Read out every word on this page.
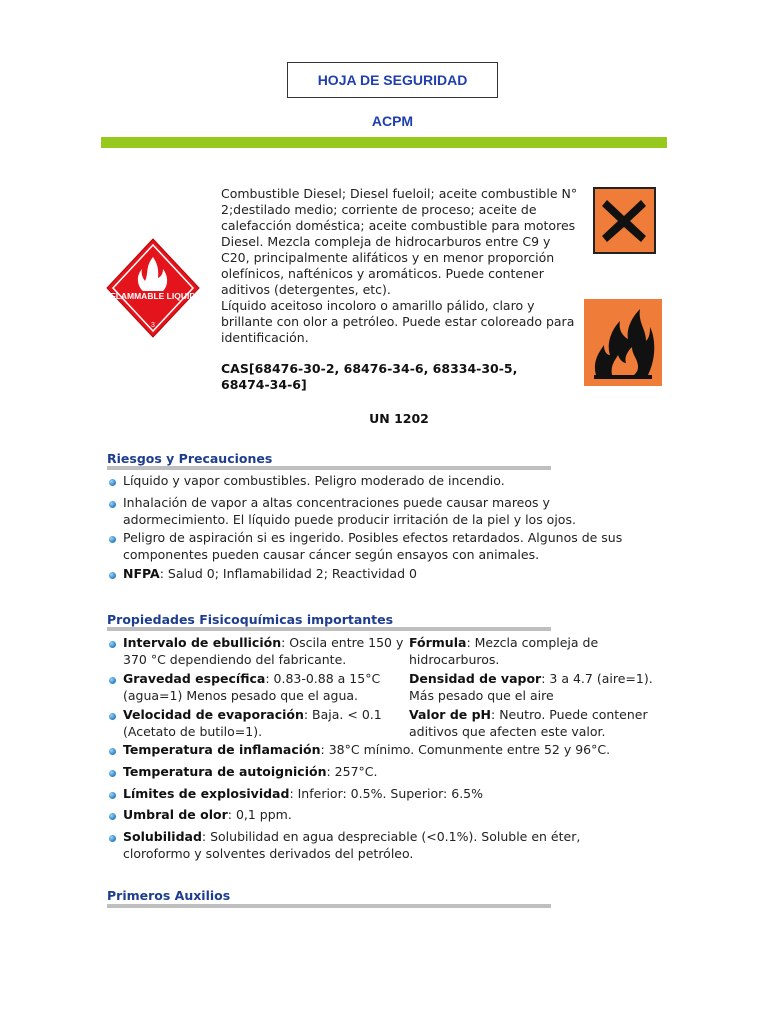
HOJA DE SEGURIDAD
ACPM
FLAMMABLE LIQUID
3

Combustible Diesel; Diesel fueloil; aceite combustible N° 2;destilado medio; corriente de proceso; aceite de calefacción doméstica; aceite combustible para motores Diesel. Mezcla compleja de hidrocarburos entre C9 y C20, principalmente alifáticos y en menor proporción olefínicos, nafténicos y aromáticos. Puede contener aditivos (detergentes, etc).

Líquido aceitoso incoloro o amarillo pálido, claro y brillante con olor a petróleo. Puede estar coloreado para identificación.

CAS[68476-30-2, 68476-34-6, 68334-30-5, 68474-34-6]
UN 1202
Riesgos y Precauciones
Líquido y vapor combustibles. Peligro moderado de incendio.
Inhalación de vapor a altas concentraciones puede causar mareos y adormecimiento. El líquido puede producir irritación de la piel y los ojos.
Peligro de aspiración si es ingerido. Posibles efectos retardados. Algunos de sus componentes pueden causar cáncer según ensayos con animales.
NFPA: Salud 0; Inflamabilidad 2; Reactividad 0
Propiedades Fisicoquímicas importantes
Intervalo de ebullición: Oscila entre 150 y 370 °C dependiendo del fabricante.
Gravedad específica: 0.83-0.88 a 15°C (agua=1) Menos pesado que el agua.
Velocidad de evaporación: Baja. < 0.1 (Acetato de butilo=1).
Fórmula: Mezcla compleja de hidrocarburos.
Densidad de vapor: 3 a 4.7 (aire=1). Más pesado que el aire
Valor de pH: Neutro. Puede contener aditivos que afecten este valor.
Temperatura de inflamación: 38°C mínimo. Comunmente entre 52 y 96°C.
Temperatura de autoignición: 257°C.
Límites de explosividad: Inferior: 0.5%. Superior: 6.5%
Umbral de olor: 0,1 ppm.
Solubilidad: Solubilidad en agua despreciable (<0.1%). Soluble en éter, cloroformo y solventes derivados del petróleo.
Primeros Auxilios
